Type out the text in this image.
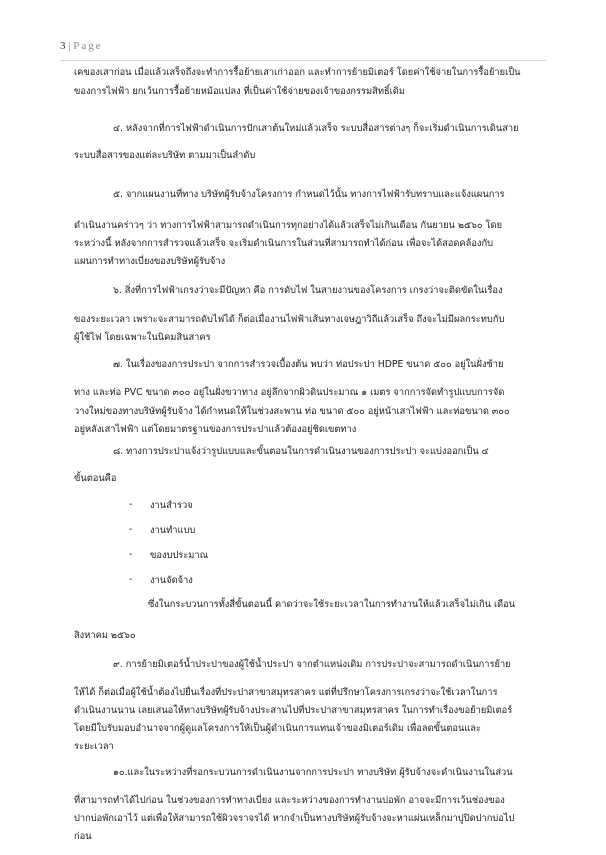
3 | Page
เคของเสาก่อน เมื่อแล้วเสร็จถึงจะทำการรื้อย้ายเสาเก่าออก และทำการย้ายมิเตอร์ โดยค่าใช้จ่ายในการรื้อย้ายเป็น
ของการไฟฟ้า ยกเว้นการรื้อย้ายหม้อแปลง ที่เป็นค่าใช้จ่ายของเจ้าของกรรมสิทธิ์เดิม
๔. หลังจากที่การไฟฟ้าดำเนินการปักเสาต้นใหม่แล้วเสร็จ ระบบสื่อสารต่างๆ ก็จะเริ่มดำเนินการเดินสาย
ระบบสื่อสารของแต่ละบริษัท ตามมาเป็นลำดับ
๕. จากแผนงานที่ทาง บริษัทผู้รับจ้างโครงการ กำหนดไว้นั้น ทางการไฟฟ้ารับทราบและแจ้งแผนการ
ดำเนินงานคร่าวๆ ว่า ทางการไฟฟ้าสามารถดำเนินการทุกอย่างได้แล้วเสร็จไม่เกินเดือน กันยายน ๒๕๖๐ โดย
ระหว่างนี้ หลังจากการสำรวจแล้วเสร็จ จะเริ่มดำเนินการในส่วนที่สามารถทำได้ก่อน เพื่อจะได้สอดคล้องกับ
แผนการทำทางเบี่ยงของบริษัทผู้รับจ้าง
๖. สิ่งที่การไฟฟ้าเกรงว่าจะมีปัญหา คือ การดับไฟ ในสายงานของโครงการ เกรงว่าจะติดขัดในเรื่อง
ของระยะเวลา เพราะจะสามารถดับไฟได้ ก็ต่อเมื่องานไฟฟ้าเส้นทางเจษฎาวิถีแล้วเสร็จ ถึงจะไม่มีผลกระทบกับ
ผู้ใช้ไฟ โดยเฉพาะในนิคมสินสาคร
๗. ในเรื่องของการประปา จากการสำรวจเบื้องต้น พบว่า ท่อประปา HDPE ขนาด ๕๐๐ อยู่ในฝั่งซ้าย
ทาง และท่อ PVC ขนาด ๓๐๐ อยู่ในฝั่งขวาทาง อยู่ลึกจากผิวดินประมาณ ๑ เมตร จากการจัดทำรูปแบบการจัด
วางใหม่ของทางบริษัทผู้รับจ้าง ได้กำหนดให้ในช่วงสะพาน ท่อ ขนาด ๕๐๐ อยู่หน้าเสาไฟฟ้า และท่อขนาด ๓๐๐
อยู่หลังเสาไฟฟ้า แต่โดยมาตรฐานของการประปาแล้วต้องอยู่ชิดเขตทาง
๘. ทางการประปาแจ้งว่ารูปแบบและขั้นตอนในการดำเนินงานของการประปา จะแบ่งออกเป็น ๔
ขั้นตอนคือ
- งานสำรวจ
- งานทำแบบ
- ของบประมาณ
- งานจัดจ้าง
ซึ่งในกระบวนการทั้งสี่ขั้นตอนนี้ คาดว่าจะใช้ระยะเวลาในการทำงานให้แล้วเสร็จไม่เกิน เดือน
สิงหาคม ๒๕๖๐
๙. การย้ายมิเตอร์น้ำประปาของผู้ใช้น้ำประปา จากตำแหน่งเดิม การประปาจะสามารถดำเนินการย้าย
ให้ได้ ก็ต่อเมื่อผู้ใช้น้ำต้องไปยื่นเรื่องที่ประปาสาขาสมุทรสาคร แต่ที่ปรึกษาโครงการเกรงว่าจะใช้เวลาในการ
ดำเนินงานนาน เลยเสนอให้ทางบริษัทผู้รับจ้างประสานไปที่ประปาสาขาสมุทรสาคร ในการทำเรื่องขอย้ายมิเตอร์
โดยมีใบรับมอบอำนาจจากผู้ดูแลโครงการให้เป็นผู้ดำเนินการแทนเจ้าของมิเตอร์เดิม เพื่อลดขั้นตอนและ
ระยะเวลา
๑๐.และในระหว่างที่รอกระบวนการดำเนินงานจากการประปา ทางบริษัท ผู้รับจ้างจะดำเนินงานในส่วน
ที่สามารถทำได้ไปก่อน ในช่วงของการทำทางเบี่ยง และระหว่างของการทำงานบ่อพัก อาจจะมีการเว้นช่องของ
ปากบ่อพักเอาไว้ แต่เพื่อให้สามารถใช้ผิวจราจรได้ หากจำเป็นทางบริษัทผู้รับจ้างจะหาแผ่นเหล็กมาปูปิดปากบ่อไป
ก่อน
